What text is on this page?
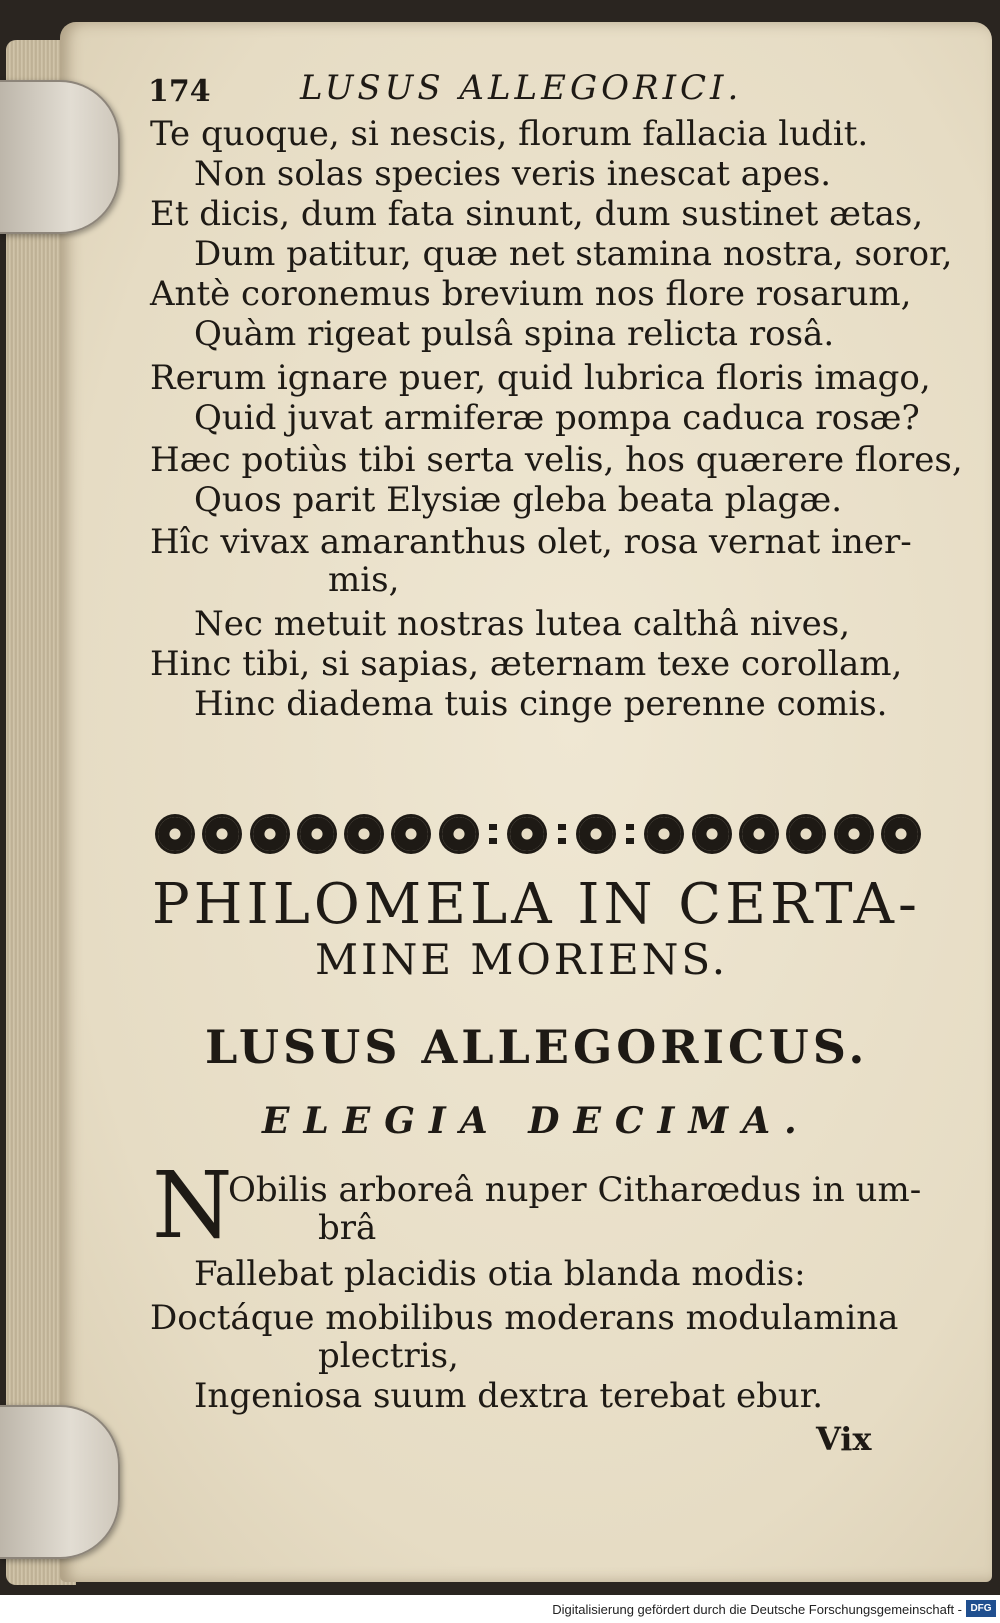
174	LUSUS ALLEGORICI.
Te quoque, si nescis, florum fallacia ludit.
Non solas species veris inescat apes.
Et dicis, dum fata sinunt, dum sustinet ætas,
Dum patitur, quæ net stamina nostra, soror,
Antè coronemus brevium nos flore rosarum,
Quàm rigeat pulsâ spina relicta rosâ.
Rerum ignare puer, quid lubrica floris imago,
Quid juvat armiferæ pompa caduca rosæ?
Hæc potiùs tibi serta velis, hos quærere flores,
Quos parit Elysiæ gleba beata plagæ.
Hîc vivax amaranthus olet, rosa vernat iner-
mis,
Nec metuit nostras lutea calthâ nives,
Hinc tibi, si sapias, æternam texe corollam,
Hinc diadema tuis cinge perenne comis.
PHILOMELA IN CERTA-
MINE MORIENS.
LUSUS ALLEGORICUS.
ELEGIA DECIMA.
N
Obilis arboreâ nuper Citharœdus in um-
brâ
Fallebat placidis otia blanda modis:
Doctáque mobilibus moderans modulamina
plectris,
Ingeniosa suum dextra terebat ebur.
Vix
Digitalisierung gefördert durch die Deutsche Forschungsgemeinschaft - DFG
